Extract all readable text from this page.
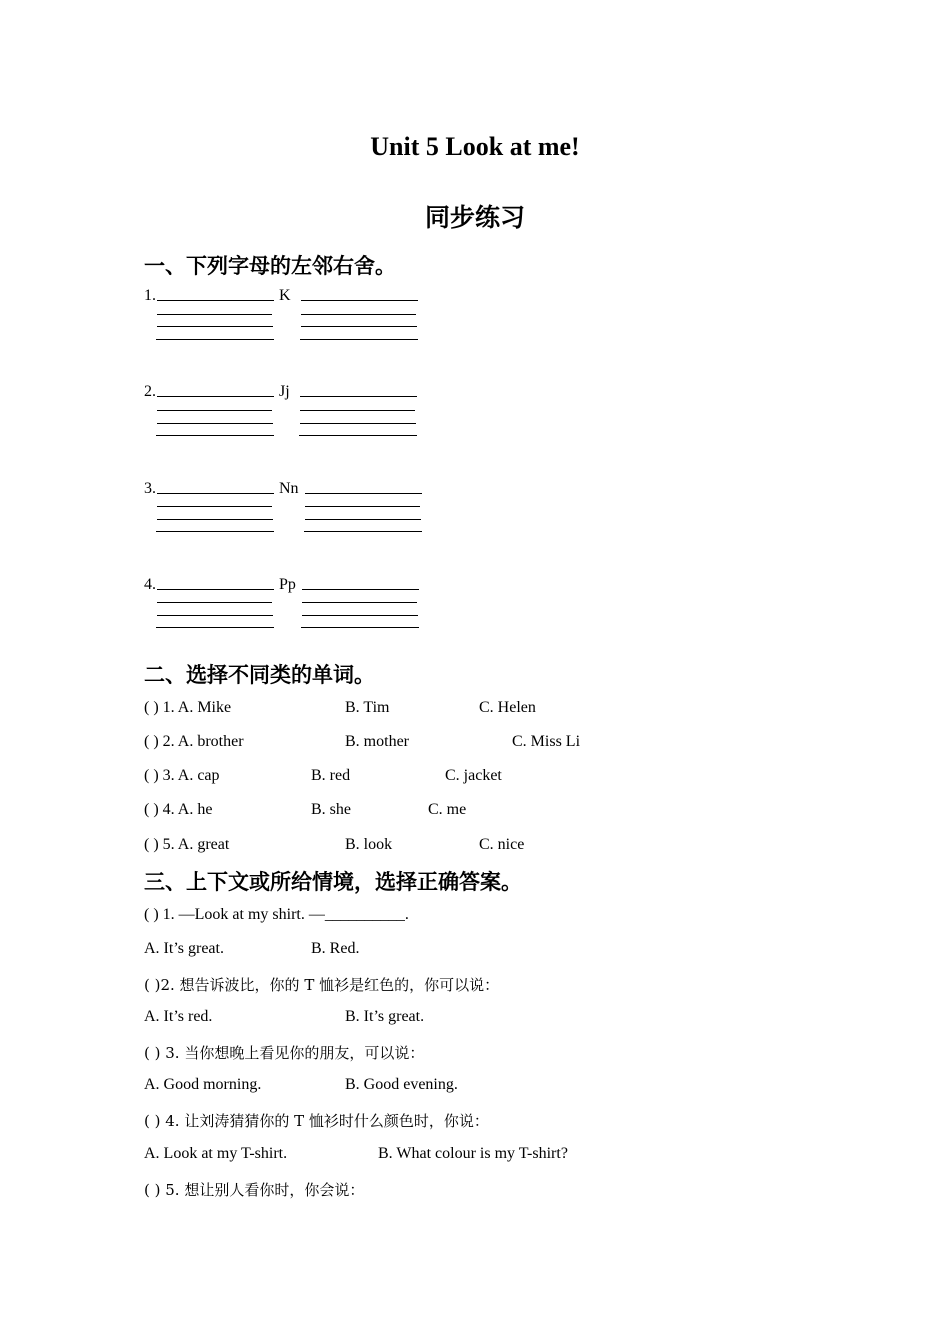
Unit 5 Look at me!
同步练习
一、下列字母的左邻右舍。
1.	K
2.	Jj
3.	Nn
4.	Pp
二、选择不同类的单词。
( ) 1. A. Mike	B. Tim	C. Helen
( ) 2. A. brother	B. mother	C. Miss Li
( ) 3. A. cap	B. red	C. jacket
( ) 4. A. he	B. she	C. me
( ) 5. A. great	B. look	C. nice
三、上下文或所给情境，选择正确答案。
( ) 1. —Look at my shirt. —__________.
A. It’s great.	B. Red.
( )2. 想告诉波比，你的 T 恤衫是红色的，你可以说：
A. It’s red.	B. It’s great.
( ) 3. 当你想晚上看见你的朋友，可以说：
A. Good morning.	B. Good evening.
( ) 4. 让刘涛猜猜你的 T 恤衫时什么颜色时，你说：
A. Look at my T-shirt.	B. What colour is my T-shirt?
( ) 5. 想让别人看你时，你会说：
